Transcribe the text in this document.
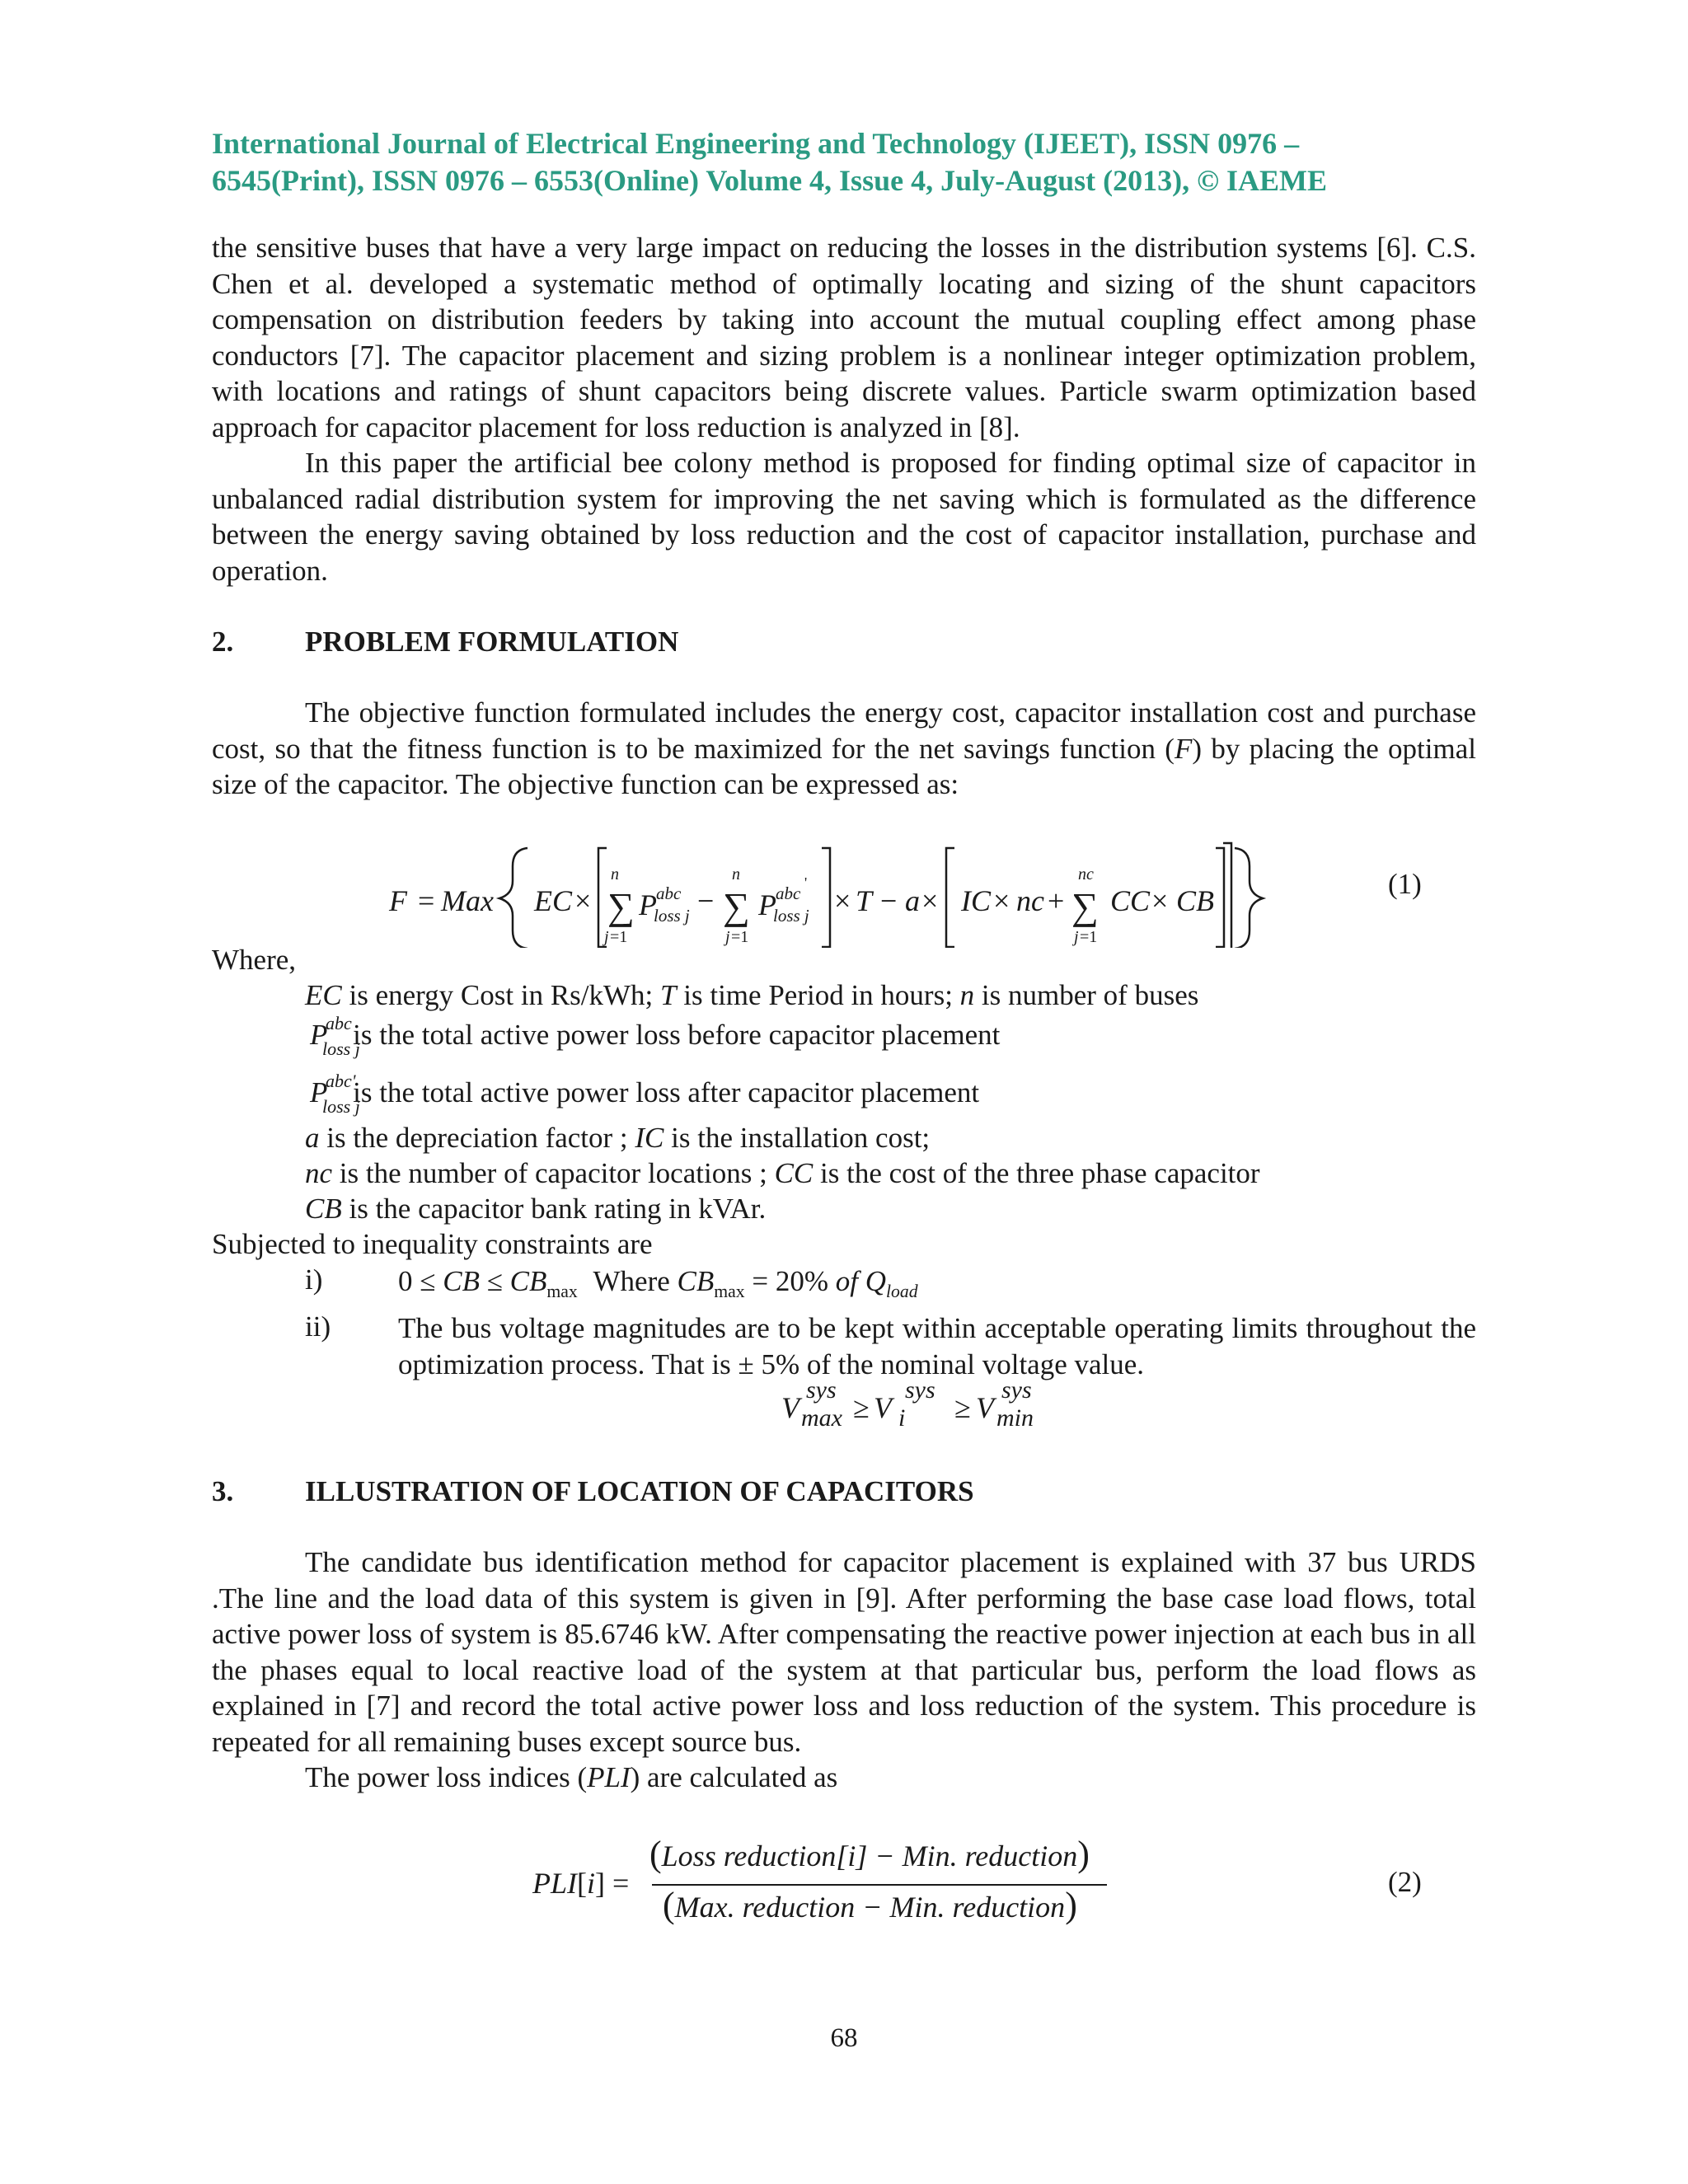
International Journal of Electrical Engineering and Technology (IJEET), ISSN 0976 –
6545(Print), ISSN 0976 – 6553(Online) Volume 4, Issue 4, July-August (2013), © IAEME
the sensitive buses that have a very large impact on reducing the losses in the distribution systems [6]. C.S. Chen et al. developed a systematic method of optimally locating and sizing of the shunt capacitors compensation on distribution feeders by taking into account the mutual coupling effect among phase conductors [7]. The capacitor placement and sizing problem is a nonlinear integer optimization problem, with locations and ratings of shunt capacitors being discrete values. Particle swarm optimization based approach for capacitor placement for loss reduction is analyzed in [8].
In this paper the artificial bee colony method is proposed for finding optimal size of capacitor in unbalanced radial distribution system for improving the net saving which is formulated as the difference between the energy saving obtained by loss reduction and the cost of capacitor installation, purchase and operation.
2. PROBLEM FORMULATION
The objective function formulated includes the energy cost, capacitor installation cost and purchase cost, so that the fitness function is to be maximized for the net savings function (F) by placing the optimal size of the capacitor. The objective function can be expressed as:
F = Max EC × ∑
n
j =1
P abc
loss j − ∑
n
j =1
P abc
'
loss j × T − a × IC × nc + ∑
nc
j =1
CC × CB
(1)
Where,
EC is energy Cost in Rs/kWh; T is time Period in hours; n is number of buses
P
abc
loss j
is the total active power loss before capacitor placement
P
abc'
loss j
is the total active power loss after capacitor placement
a is the depreciation factor ; IC is the installation cost;
nc is the number of capacitor locations ; CC is the cost of the three phase capacitor
CB is the capacitor bank rating in kVAr.
Subjected to inequality constraints are
i)	0 ≤ CB ≤ $CB_{max}$ Where $CB_{max} = 20\%$ of $Q_{load}$
ii) The bus voltage magnitudes are to be kept within acceptable operating limits throughout the optimization process. That is ± 5% of the nominal voltage value.
V
sys
max ≥ V
sys
i ≥ V
sys
min
3. ILLUSTRATION OF LOCATION OF CAPACITORS
The candidate bus identification method for capacitor placement is explained with 37 bus URDS .The line and the load data of this system is given in [9]. After performing the base case load flows, total active power loss of system is 85.6746 kW. After compensating the reactive power injection at each bus in all the phases equal to local reactive load of the system at that particular bus, perform the load flows as explained in [7] and record the total active power loss and loss reduction of the system. This procedure is repeated for all remaining buses except source bus.
The power loss indices (PLI) are calculated as
PLI[i] =
(Loss reduction[i] − Min. reduction)
(Max. reduction − Min. reduction)
(2)
68
